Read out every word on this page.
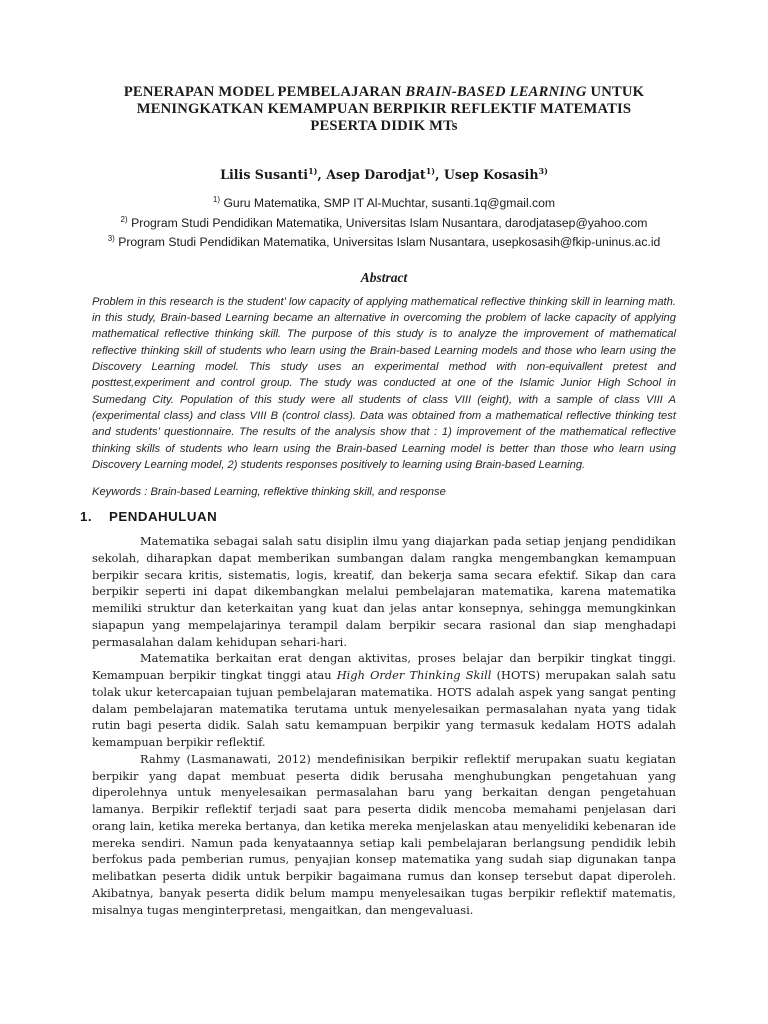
PENERAPAN MODEL PEMBELAJARAN BRAIN-BASED LEARNING UNTUK
MENINGKATKAN KEMAMPUAN BERPIKIR REFLEKTIF MATEMATIS
PESERTA DIDIK MTs
Lilis Susanti$^{1)}$, Asep Darodjat$^{1)}$, Usep Kosasih$^{3)}$
$^{1)}$ Guru Matematika, SMP IT Al-Muchtar, susanti.1q@gmail.com
$^{2)}$ Program Studi Pendidikan Matematika, Universitas Islam Nusantara, darodjatasep@yahoo.com
$^{3)}$ Program Studi Pendidikan Matematika, Universitas Islam Nusantara, usepkosasih@fkip-uninus.ac.id
Abstract
Problem in this research is the student’ low capacity of applying mathematical reflective thinking skill in learning math. in this study, Brain-based Learning became an alternative in overcoming the problem of lacke capacity of applying mathematical reflective thinking skill. The purpose of this study is to analyze the improvement of mathematical reflective thinking skill of students who learn using the Brain-based Learning models and those who learn using the Discovery Learning model. This study uses an experimental method with non-equivallent pretest and posttest,experiment and control group. The study was conducted at one of the Islamic Junior High School in Sumedang City. Population of this study were all students of class VIII (eight), with a sample of class VIII A (experimental class) and class VIII B (control class). Data was obtained from a mathematical reflective thinking test and students’ questionnaire. The results of the analysis show that : 1) improvement of the mathematical reflective thinking skills of students who learn using the Brain-based Learning model is better than those who learn using Discovery Learning model, 2) students responses positively to learning using Brain-based Learning.
Keywords : Brain-based Learning, reflektive thinking skill, and response
1. PENDAHULUAN

Matematika sebagai salah satu disiplin ilmu yang diajarkan pada setiap jenjang pendidikan sekolah, diharapkan dapat memberikan sumbangan dalam rangka mengembangkan kemampuan berpikir secara kritis, sistematis, logis, kreatif, dan bekerja sama secara efektif. Sikap dan cara berpikir seperti ini dapat dikembangkan melalui pembelajaran matematika, karena matematika memiliki struktur dan keterkaitan yang kuat dan jelas antar konsepnya, sehingga memungkinkan siapapun yang mempelajarinya terampil dalam berpikir secara rasional dan siap menghadapi permasalahan dalam kehidupan sehari-hari.

Matematika berkaitan erat dengan aktivitas, proses belajar dan berpikir tingkat tinggi. Kemampuan berpikir tingkat tinggi atau High Order Thinking Skill (HOTS) merupakan salah satu tolak ukur ketercapaian tujuan pembelajaran matematika. HOTS adalah aspek yang sangat penting dalam pembelajaran matematika terutama untuk menyelesaikan permasalahan nyata yang tidak rutin bagi peserta didik. Salah satu kemampuan berpikir yang termasuk kedalam HOTS adalah kemampuan berpikir reflektif.

Rahmy (Lasmanawati, 2012) mendefinisikan berpikir reflektif merupakan suatu kegiatan berpikir yang dapat membuat peserta didik berusaha menghubungkan pengetahuan yang diperolehnya untuk menyelesaikan permasalahan baru yang berkaitan dengan pengetahuan lamanya. Berpikir reflektif terjadi saat para peserta didik mencoba memahami penjelasan dari orang lain, ketika mereka bertanya, dan ketika mereka menjelaskan atau menyelidiki kebenaran ide mereka sendiri. Namun pada kenyataannya setiap kali pembelajaran berlangsung pendidik lebih berfokus pada pemberian rumus, penyajian konsep matematika yang sudah siap digunakan tanpa melibatkan peserta didik untuk berpikir bagaimana rumus dan konsep tersebut dapat diperoleh. Akibatnya, banyak peserta didik belum mampu menyelesaikan tugas berpikir reflektif matematis, misalnya tugas menginterpretasi, mengaitkan, dan mengevaluasi.
